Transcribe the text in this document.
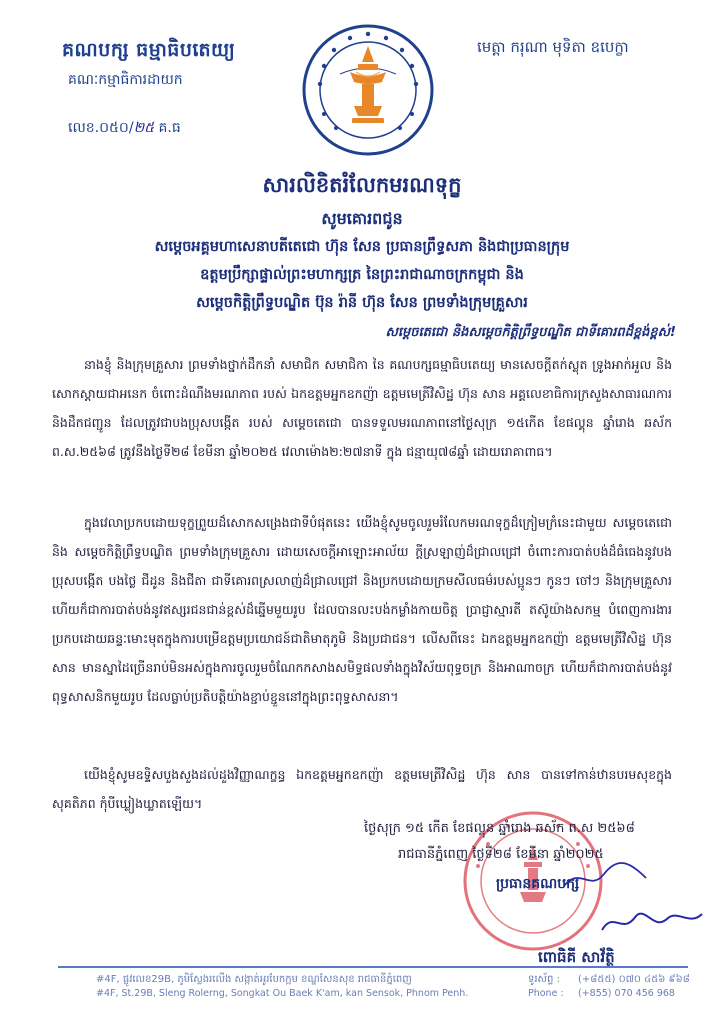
គណបក្ស ធម្មាធិបតេយ្យ
គណៈកម្មាធិការដាយក
លេខ.០៥០/២៥ គ.ធ
មេត្តា ករុណា មុទិតា ឧបេក្ខា
សារលិខិតរំលែកមរណទុក្ខ
សូមគោរពជូន
សម្តេចអគ្គមហាសេនាបតីតេជោ ហ៊ុន សែន ប្រធានព្រឹទ្ធសភា និងជាប្រធានក្រុម
ឧត្តមប្រឹក្សាផ្ទាល់ព្រះមហាក្សត្រ នៃព្រះរាជាណាចក្រកម្ពុជា និង
សម្តេចកិត្តិព្រឹទ្ធបណ្ឌិត ប៊ុន រ៉ានី ហ៊ុន សែន ព្រមទាំងក្រុមគ្រួសារ
សម្តេចតេជោ និងសម្តេចកិត្តិព្រឹទ្ធបណ្ឌិត ជាទីគោរពដ៏ខ្ពង់ខ្ពស់!
នាងខ្ញុំ និងក្រុមគ្រួសារ ព្រមទាំងថ្នាក់ដឹកនាំ សមាជិក សមាជិកា នៃ គណបក្សធម្មាធិបតេយ្យ មានសេចក្តីតក់ស្លុត ទ្រូងអាក់អួល និងសោកស្តាយជាអនេក ចំពោះដំណឹងមរណភាព របស់ ឯកឧត្តមអ្នកឧកញ៉ា ឧត្តមមេត្រីវិសិដ្ឋ ហ៊ុន សាន អគ្គលេខាធិការក្រសួងសាធារណការ និងដឹកជញ្ជូន ដែលត្រូវជាបងប្រុសបង្កើត របស់ សម្តេចតេជោ បានទទួលមរណភាពនៅថ្ងៃសុក្រ ១៥កើត ខែផល្គុន ឆ្នាំរោង ឆស័ក ព.ស.២៥៦៨ ត្រូវនឹងថ្ងៃទី២៨ ខែមីនា ឆ្នាំ២០២៥ វេលាម៉ោង២:២៧នាទី ក្នុង ជន្មាយុ៧៨ឆ្នាំ ដោយរោគាពាធ។
ក្នុងវេលាប្រកបដោយទុក្ខព្រួយដ៏សោកសង្រេងជាទីបំផុតនេះ យើងខ្ញុំសូមចូលរួមរំលែកមរណទុក្ខដ៏ក្រៀមក្រំនេះជាមួយ សម្តេចតេជោ និង សម្តេចកិត្តិព្រឹទ្ធបណ្ឌិត ព្រមទាំងក្រុមគ្រួសារ ដោយសេចក្តីអាឡោះអាល័យ ក្តីស្រឡាញ់ដ៏ជ្រាលជ្រៅ ចំពោះការបាត់បង់ដ៏ធំធេងនូវបងប្រុសបង្កើត បងថ្លៃ ជីដូន និងជីតា ជាទីគោរពស្រលាញ់ដ៏ជ្រាលជ្រៅ និងប្រកបដោយក្រមសីលធម៌របស់ប្អូនៗ កូនៗ ចៅៗ និងក្រុមគ្រួសារ ហើយក៏ជាការបាត់បង់នូវឥស្សរជនជាន់ខ្ពស់ដ៏ឆ្នើមមួយរូប ដែលបានលះបង់កម្លាំងកាយចិត្ត ប្រាជ្ញាស្មារតី តស៊ូយ៉ាងសកម្ម បំពេញការងារប្រកបដោយឆន្ទៈមោះមុតក្នុងការបម្រើឧត្តមប្រយោជន៍ជាតិមាតុភូមិ និងប្រជាជន។ លើសពីនេះ ឯកឧត្តមអ្នកឧកញ៉ា ឧត្តមមេត្រីវិសិដ្ឋ ហ៊ុន សាន មានស្នាដៃច្រើនរាប់មិនអស់ក្នុងការចូលរួមចំណែកកសាងសមិទ្ធផលទាំងក្នុងវិស័យពុទ្ធចក្រ និងអាណាចក្រ ហើយក៏ជាការបាត់បង់នូវពុទ្ធសាសនិកមួយរូប ដែលធ្លាប់ប្រតិបត្តិយ៉ាងខ្ជាប់ខ្ជួននៅក្នុងព្រះពុទ្ធសាសនា។
យើងខ្ញុំសូមឧទ្ទិសបួងសួងដល់ដួងវិញ្ញាណក្ខន្ធ ឯកឧត្តមអ្នកឧកញ៉ា ឧត្តមមេត្រីវិសិដ្ឋ ហ៊ុន សាន បានទៅកាន់ឋានបរមសុខក្នុងសុគតិភព កុំបីឃ្លៀងឃ្លាតឡើយ។
ថ្ងៃសុក្រ ១៥ កើត ខែផល្គុន ឆ្នាំរោង ឆស័ក ព.ស ២៥៦៨
រាជធានីភ្នំពេញ ថ្ងៃទី២៨ ខែមីនា ឆ្នាំ២០២៥
ប្រធានគណបក្ស
ពោធិគី សាវ័ត្ថិ
#4F, ផ្លូវលេខ29B, ភូមិស្លែងរលើង សង្កាត់អូរបែកក្អម ខណ្ឌសែនសុខ រាជធានីភ្នំពេញ
#4F, St.29B, Sleng Rolerng, Songkat Ou Baek K'am, kan Sensok, Phnom Penh.
ទូរស័ព្ទ : (+៨៥៥) ០៧០ ៤៥៦ ៩៦៨
Phone : (+855) 070 456 968
